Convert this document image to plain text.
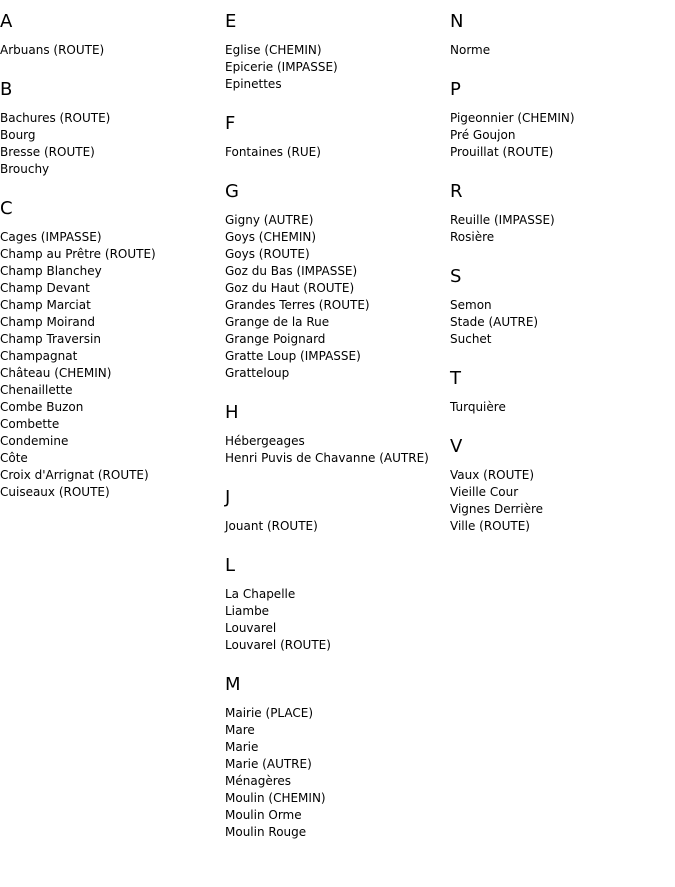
A
Arbuans (ROUTE)
B
Bachures (ROUTE)
Bourg
Bresse (ROUTE)
Brouchy
C
Cages (IMPASSE)
Champ au Prêtre (ROUTE)
Champ Blanchey
Champ Devant
Champ Marciat
Champ Moirand
Champ Traversin
Champagnat
Château (CHEMIN)
Chenaillette
Combe Buzon
Combette
Condemine
Côte
Croix d'Arrignat (ROUTE)
Cuiseaux (ROUTE)
E
Eglise (CHEMIN)
Epicerie (IMPASSE)
Epinettes
F
Fontaines (RUE)
G
Gigny (AUTRE)
Goys (CHEMIN)
Goys (ROUTE)
Goz du Bas (IMPASSE)
Goz du Haut (ROUTE)
Grandes Terres (ROUTE)
Grange de la Rue
Grange Poignard
Gratte Loup (IMPASSE)
Gratteloup
H
Hébergeages
Henri Puvis de Chavanne (AUTRE)
J
Jouant (ROUTE)
L
La Chapelle
Liambe
Louvarel
Louvarel (ROUTE)
M
Mairie (PLACE)
Mare
Marie
Marie (AUTRE)
Ménagères
Moulin (CHEMIN)
Moulin Orme
Moulin Rouge
N
Norme
P
Pigeonnier (CHEMIN)
Pré Goujon
Prouillat (ROUTE)
R
Reuille (IMPASSE)
Rosière
S
Semon
Stade (AUTRE)
Suchet
T
Turquière
V
Vaux (ROUTE)
Vieille Cour
Vignes Derrière
Ville (ROUTE)
